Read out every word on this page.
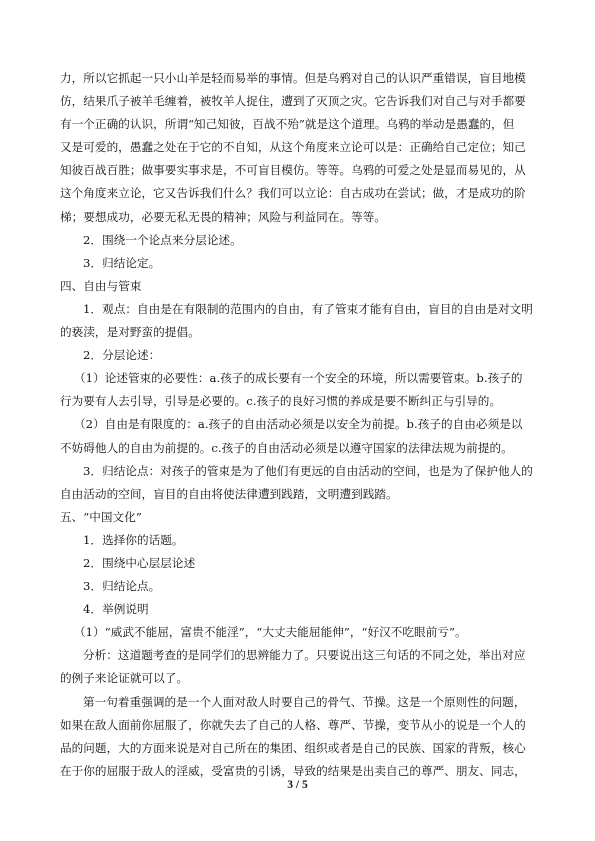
力，所以它抓起一只小山羊是轻而易举的事情。但是乌鸦对自己的认识严重错误，盲目地模
仿，结果爪子被羊毛缠着，被牧羊人捉住，遭到了灭顶之灾。它告诉我们对自己与对手都要
有一个正确的认识，所谓“知己知彼，百战不殆”就是这个道理。乌鸦的举动是愚蠢的，但
又是可爱的，愚蠢之处在于它的不自知，从这个角度来立论可以是：正确给自己定位；知己
知彼百战百胜；做事要实事求是，不可盲目模仿。等等。乌鸦的可爱之处是显而易见的，从
这个角度来立论，它又告诉我们什么？我们可以立论：自古成功在尝试；做，才是成功的阶
梯；要想成功，必要无私无畏的精神；风险与利益同在。等等。
2．围绕一个论点来分层论述。
3．归结论定。
四、自由与管束
1．观点：自由是在有限制的范围内的自由，有了管束才能有自由，盲目的自由是对文明
的亵渎，是对野蛮的提倡。
2．分层论述：
（1）论述管束的必要性：a.孩子的成长要有一个安全的环境，所以需要管束。b.孩子的
行为要有人去引导，引导是必要的。c.孩子的良好习惯的养成是要不断纠正与引导的。
（2）自由是有限度的：a.孩子的自由活动必须是以安全为前提。b.孩子的自由必须是以
不妨碍他人的自由为前提的。c.孩子的自由活动必须是以遵守国家的法律法规为前提的。
3．归结论点：对孩子的管束是为了他们有更远的自由活动的空间，也是为了保护他人的
自由活动的空间，盲目的自由将使法律遭到践踏，文明遭到践踏。
五、“中国文化”
1．选择你的话题。
2．围绕中心层层论述
3．归结论点。
4．举例说明
（1）“威武不能屈，富贵不能淫”，“大丈夫能屈能伸”，“好汉不吃眼前亏”。
分析：这道题考查的是同学们的思辨能力了。只要说出这三句话的不同之处，举出对应
的例子来论证就可以了。
第一句着重强调的是一个人面对敌人时要自己的骨气、节操。这是一个原则性的问题，
如果在敌人面前你屈服了，你就失去了自己的人格、尊严、节操，变节从小的说是一个人的
品的问题，大的方面来说是对自己所在的集团、组织或者是自己的民族、国家的背叛，核心
在于你的屈服于敌人的淫威，受富贵的引诱，导致的结果是出卖自己的尊严、朋友、同志，
3 / 5
